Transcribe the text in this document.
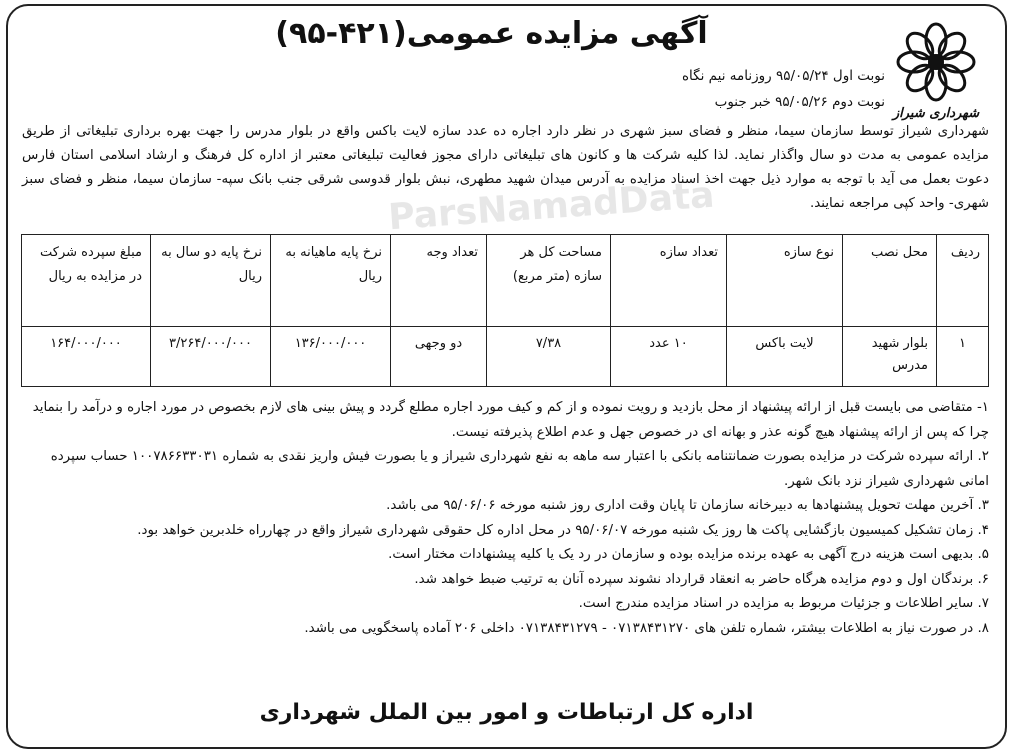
شهرداری شیراز
آگهی مزایده عمومی(۴۲۱-۹۵)
نوبت اول ۹۵/۰۵/۲۴ روزنامه نیم نگاه
نوبت دوم ۹۵/۰۵/۲۶ خبر جنوب

شهرداری شیراز توسط سازمان سیما، منظر و فضای سبز شهری در نظر دارد اجاره ده عدد سازه لایت باکس واقع در بلوار مدرس را جهت بهره برداری تبلیغاتی از طریق مزایده عمومی به مدت دو سال واگذار نماید. لذا کلیه شرکت ها و کانون های تبلیغاتی دارای مجوز فعالیت تبلیغاتی معتبر از اداره کل فرهنگ و ارشاد اسلامی استان فارس دعوت بعمل می آید با توجه به موارد ذیل جهت اخذ اسناد مزایده به آدرس میدان شهید مطهری، نبش بلوار قدوسی شرقی جنب بانک سپه- سازمان سیما، منظر و فضای سبز شهری- واحد کپی مراجعه نمایند.

ParsNamadData
ردیف	محل نصب	نوع سازه	تعداد سازه	مساحت کل هر سازه (متر مربع)	تعداد وجه	نرخ پایه ماهیانه به ریال	نرخ پایه دو سال به ریال	مبلغ سپرده شرکت در مزایده به ریال
۱	بلوار شهید مدرس	لایت باکس	۱۰ عدد	۷/۳۸	دو وجهی	۱۳۶/۰۰۰/۰۰۰	۳/۲۶۴/۰۰۰/۰۰۰	۱۶۴/۰۰۰/۰۰۰
۱- متقاضی می بایست قبل از ارائه پیشنهاد از محل بازدید و رویت نموده و از کم و کیف مورد اجاره مطلع گردد و پیش بینی های لازم بخصوص در مورد اجاره و درآمد را بنماید چرا که پس از ارائه پیشنهاد هیچ گونه عذر و بهانه ای در خصوص جهل و عدم اطلاع پذیرفته نیست.
۲. ارائه سپرده شرکت در مزایده بصورت ضمانتنامه بانکی با اعتبار سه ماهه به نفع شهرداری شیراز و یا بصورت فیش واریز نقدی به شماره ۱۰۰۷۸۶۶۳۳۰۳۱ حساب سپرده امانی شهرداری شیراز نزد بانک شهر.
۳. آخرین مهلت تحویل پیشنهادها به دبیرخانه سازمان تا پایان وقت اداری روز شنبه مورخه ۹۵/۰۶/۰۶ می باشد.
۴. زمان تشکیل کمیسیون بازگشایی پاکت ها روز یک شنبه مورخه ۹۵/۰۶/۰۷ در محل اداره کل حقوقی شهرداری شیراز واقع در چهارراه خلدبرین خواهد بود.
۵. بدیهی است هزینه درج آگهی به عهده برنده مزایده بوده و سازمان در رد یک یا کلیه پیشنهادات مختار است.
۶. برندگان اول و دوم مزایده هرگاه حاضر به انعقاد قرارداد نشوند سپرده آنان به ترتیب ضبط خواهد شد.
۷. سایر اطلاعات و جزئیات مربوط به مزایده در اسناد مزایده مندرج است.
۸. در صورت نیاز به اطلاعات بیشتر، شماره تلفن های ۰۷۱۳۸۴۳۱۲۷۰ - ۰۷۱۳۸۴۳۱۲۷۹ داخلی ۲۰۶ آماده پاسخگویی می باشد.
اداره کل ارتباطات و امور بین الملل شهرداری
